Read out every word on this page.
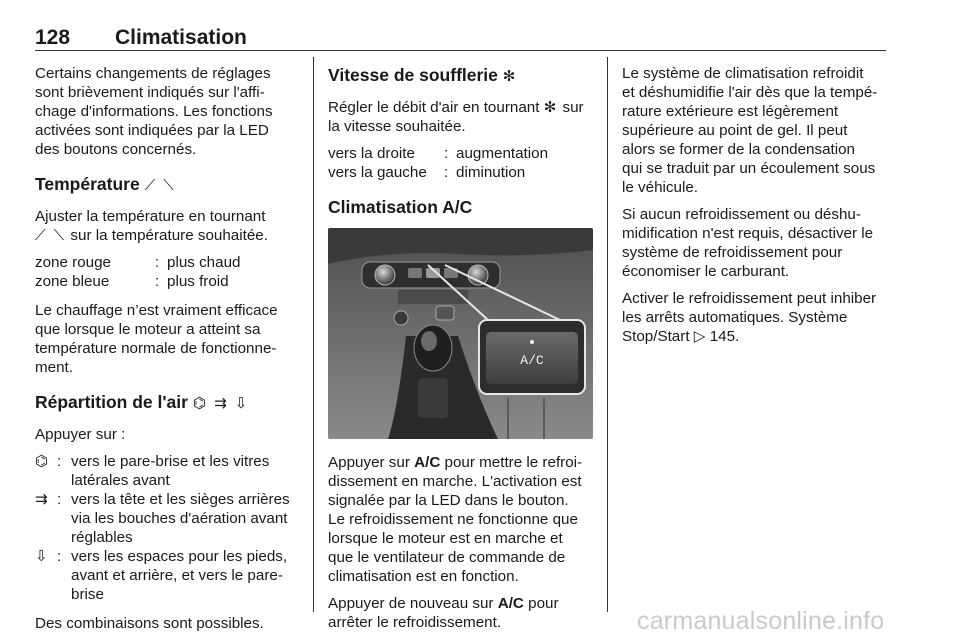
128 Climatisation

Certains changements de réglages
sont brièvement indiqués sur l'affi-
chage d'informations. Les fonctions
activées sont indiquées par la LED
des boutons concernés.

Température ⟋ ⟍

Ajuster la température en tournant
⟋ ⟍ sur la température souhaitée.

zone rouge	: plus chaud
zone bleue	: plus froid

Le chauffage n’est vraiment efficace
que lorsque le moteur a atteint sa
température normale de fonctionne-
ment.

Répartition de l'air ⌬ ⇉ ⇩

Appuyer sur :

⌬ : vers le pare-brise et les vitres
latérales avant
⇉ : vers la tête et les sièges arrières
via les bouches d'aération avant
réglables
⇩ : vers les espaces pour les pieds,
avant et arrière, et vers le pare-
brise

Des combinaisons sont possibles.

Vitesse de soufflerie ✻

Régler le débit d'air en tournant ✻ sur
la vitesse souhaitée.

vers la droite	: augmentation
vers la gauche	: diminution
Climatisation A/C
A/C

Appuyer sur A/C pour mettre le refroi-
dissement en marche. L'activation est
signalée par la LED dans le bouton.
Le refroidissement ne fonctionne que
lorsque le moteur est en marche et
que le ventilateur de commande de
climatisation est en fonction.

Appuyer de nouveau sur A/C pour
arrêter le refroidissement.

Le système de climatisation refroidit
et déshumidifie l'air dès que la tempé-
rature extérieure est légèrement
supérieure au point de gel. Il peut
alors se former de la condensation
qui se traduit par un écoulement sous
le véhicule.

Si aucun refroidissement ou déshu-
midification n'est requis, désactiver le
système de refroidissement pour
économiser le carburant.

Activer le refroidissement peut inhiber
les arrêts automatiques. Système
Stop/Start ▷ 145.

carmanualsonline.info
